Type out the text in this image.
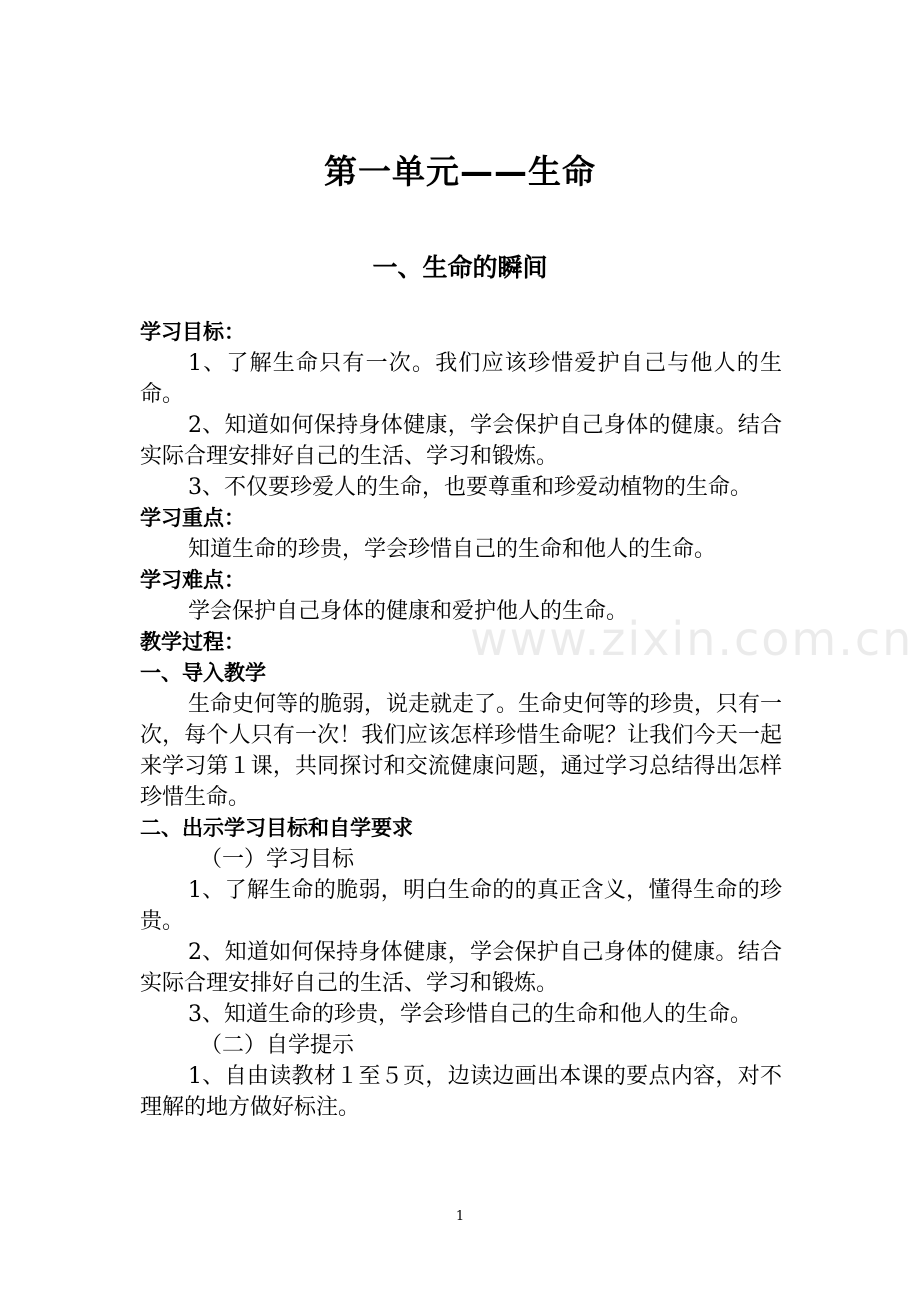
第一单元——生命
一、生命的瞬间
www.zixin.com.cn

学习目标：

1、了解生命只有一次。我们应该珍惜爱护自己与他人的生命。

2、知道如何保持身体健康，学会保护自己身体的健康。结合实际合理安排好自己的生活、学习和锻炼。

3、不仅要珍爱人的生命，也要尊重和珍爱动植物的生命。

学习重点：

知道生命的珍贵，学会珍惜自己的生命和他人的生命。

学习难点：

学会保护自己身体的健康和爱护他人的生命。

教学过程：

一、导入教学

生命史何等的脆弱，说走就走了。生命史何等的珍贵，只有一次，每个人只有一次！我们应该怎样珍惜生命呢？让我们今天一起来学习第１课，共同探讨和交流健康问题，通过学习总结得出怎样珍惜生命。

二、出示学习目标和自学要求

（一）学习目标

1、了解生命的脆弱，明白生命的的真正含义，懂得生命的珍贵。

2、知道如何保持身体健康，学会保护自己身体的健康。结合实际合理安排好自己的生活、学习和锻炼。

3、知道生命的珍贵，学会珍惜自己的生命和他人的生命。

（二）自学提示

1、自由读教材１至５页，边读边画出本课的要点内容，对不理解的地方做好标注。

1
